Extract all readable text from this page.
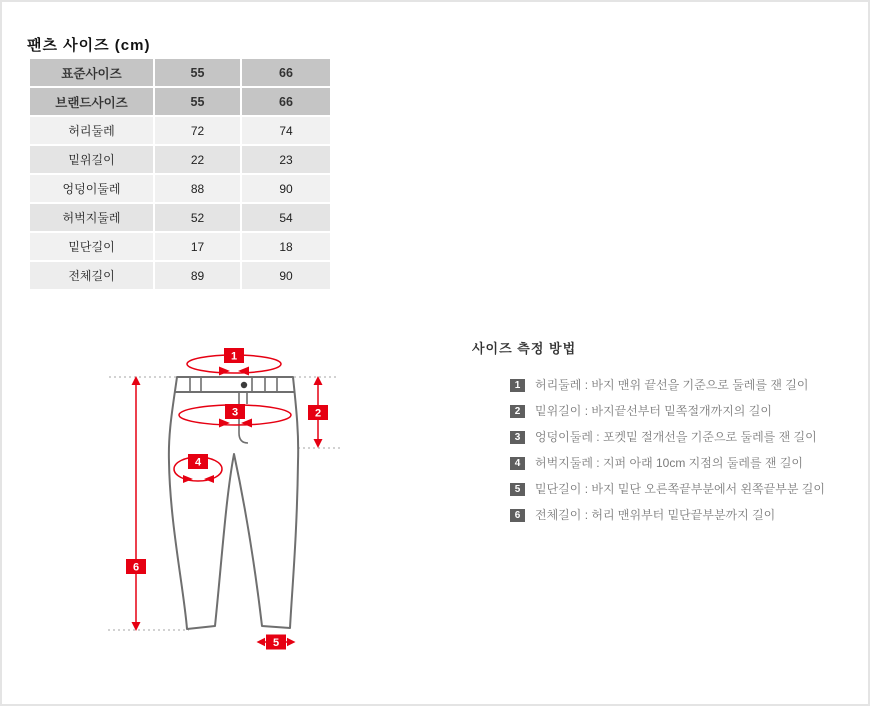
팬츠 사이즈 (cm)
표준사이즈	55	66
브랜드사이즈	55	66
허리둘레	72	74
밑위길이	22	23
엉덩이둘레	88	90
허벅지둘레	52	54
밑단길이	17	18
전체길이	89	90
1
2
3
4
5
6
사이즈 측정 방법
1	허리둘레 : 바지 맨위 끝선을 기준으로 둘레를 잰 길이
2	밑위길이 : 바지끝선부터 밑쪽절개까지의 길이
3	엉덩이둘레 : 포켓밑 절개선을 기준으로 둘레를 잰 길이
4	허벅지둘레 : 지퍼 아래 10cm 지점의 둘레를 잰 길이
5	밑단길이 : 바지 밑단 오른쪽끝부분에서 왼쪽끝부분 길이
6	전체길이 : 허리 맨위부터 밑단끝부분까지 길이
